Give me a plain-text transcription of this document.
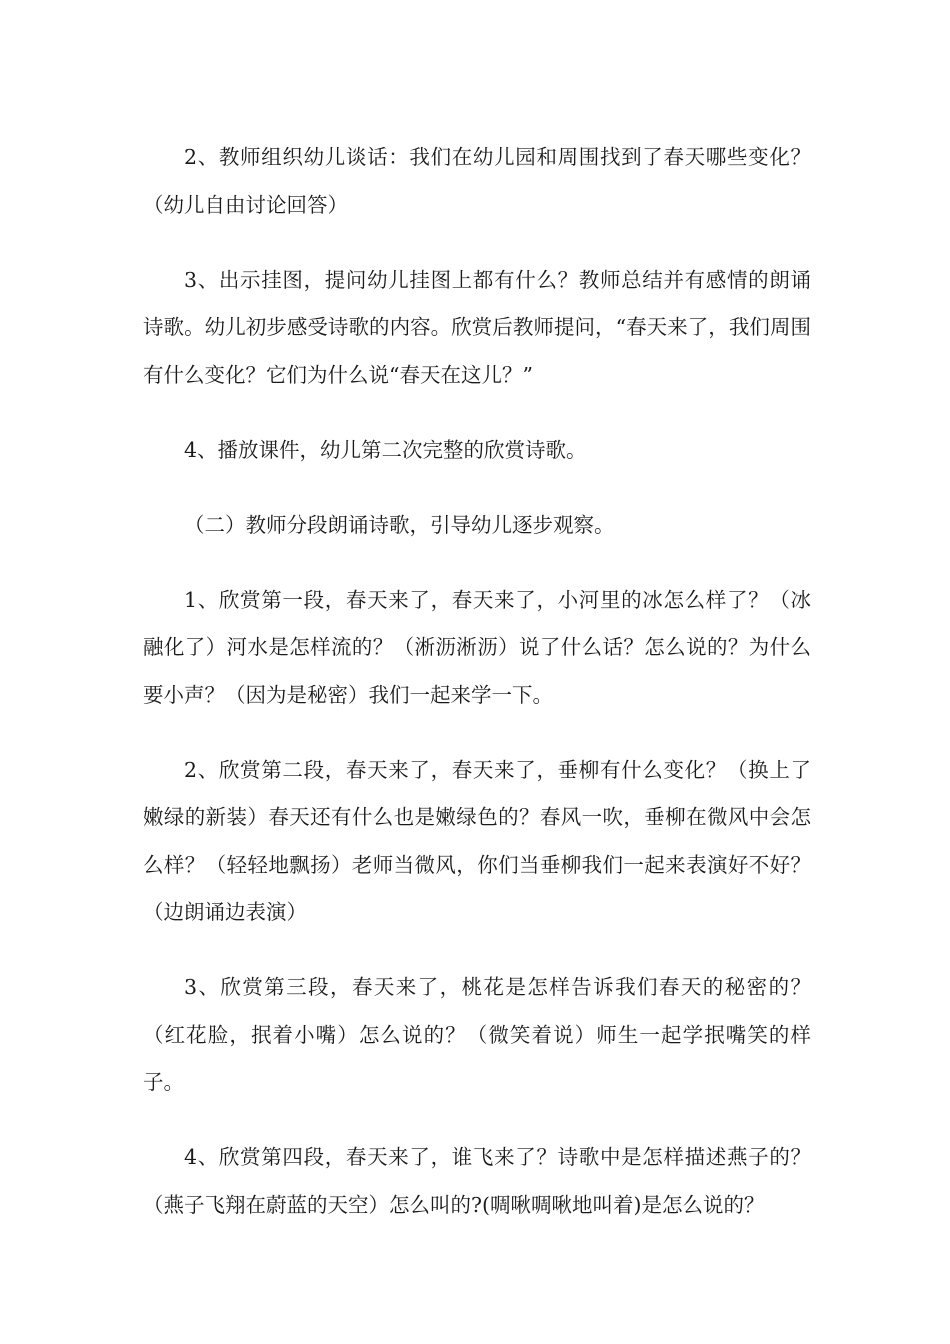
2、教师组织幼儿谈话：我们在幼儿园和周围找到了春天哪些变化？（幼儿自由讨论回答）

3、出示挂图，提问幼儿挂图上都有什么？教师总结并有感情的朗诵诗歌。幼儿初步感受诗歌的内容。欣赏后教师提问，“春天来了，我们周围有什么变化？它们为什么说“春天在这儿？”

4、播放课件，幼儿第二次完整的欣赏诗歌。

（二）教师分段朗诵诗歌，引导幼儿逐步观察。

1、欣赏第一段，春天来了，春天来了，小河里的冰怎么样了？（冰融化了）河水是怎样流的？（淅沥淅沥）说了什么话？怎么说的？为什么要小声？（因为是秘密）我们一起来学一下。

2、欣赏第二段，春天来了，春天来了，垂柳有什么变化？（换上了嫩绿的新装）春天还有什么也是嫩绿色的？春风一吹，垂柳在微风中会怎么样？（轻轻地飘扬）老师当微风，你们当垂柳我们一起来表演好不好？（边朗诵边表演）

3、欣赏第三段，春天来了，桃花是怎样告诉我们春天的秘密的？（红花脸，抿着小嘴）怎么说的？（微笑着说）师生一起学抿嘴笑的样子。

4、欣赏第四段，春天来了，谁飞来了？诗歌中是怎样描述燕子的？（燕子飞翔在蔚蓝的天空）怎么叫的?(啁啾啁啾地叫着)是怎么说的？
